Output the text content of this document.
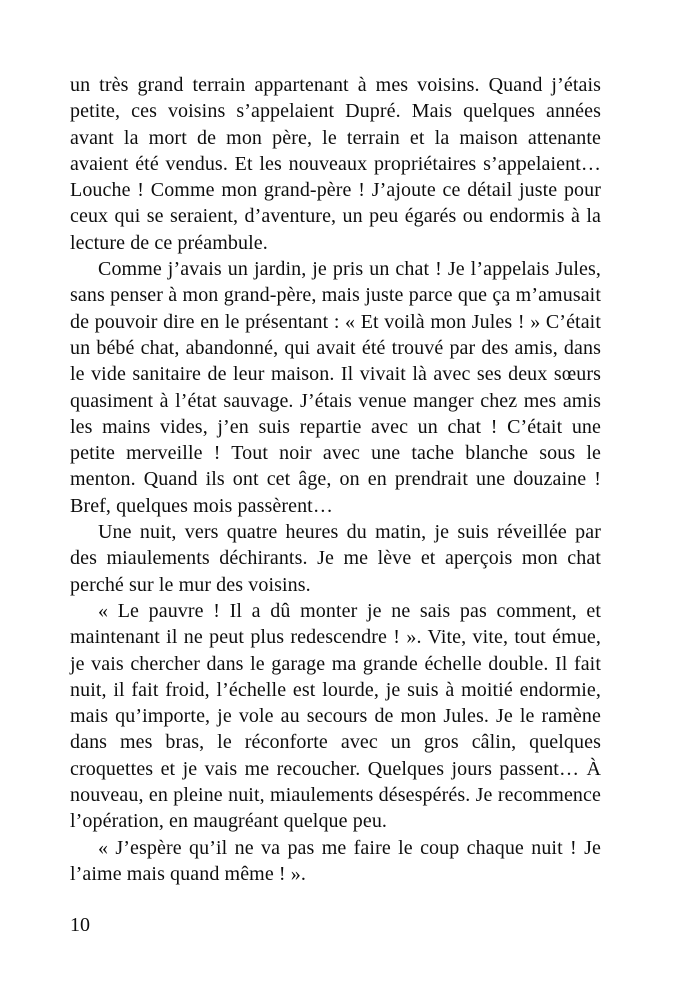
un très grand terrain appartenant à mes voisins. Quand j’étais petite, ces voisins s’appelaient Dupré. Mais quelques années avant la mort de mon père, le terrain et la maison attenante avaient été vendus. Et les nouveaux propriétaires s’appelaient… Louche ! Comme mon grand-père ! J’ajoute ce détail juste pour ceux qui se seraient, d’aventure, un peu égarés ou endormis à la lecture de ce préambule.

Comme j’avais un jardin, je pris un chat ! Je l’appelais Jules, sans penser à mon grand-père, mais juste parce que ça m’amusait de pouvoir dire en le présentant : « Et voilà mon Jules ! » C’était un bébé chat, abandonné, qui avait été trouvé par des amis, dans le vide sanitaire de leur maison. Il vivait là avec ses deux sœurs quasiment à l’état sauvage. J’étais venue manger chez mes amis les mains vides, j’en suis repartie avec un chat ! C’était une petite merveille ! Tout noir avec une tache blanche sous le menton. Quand ils ont cet âge, on en prendrait une douzaine ! Bref, quelques mois passèrent…

Une nuit, vers quatre heures du matin, je suis réveillée par des miaulements déchirants. Je me lève et aperçois mon chat perché sur le mur des voisins.

« Le pauvre ! Il a dû monter je ne sais pas comment, et maintenant il ne peut plus redescendre ! ». Vite, vite, tout émue, je vais chercher dans le garage ma grande échelle double. Il fait nuit, il fait froid, l’échelle est lourde, je suis à moitié endormie, mais qu’importe, je vole au secours de mon Jules. Je le ramène dans mes bras, le réconforte avec un gros câlin, quelques croquettes et je vais me recoucher. Quelques jours passent… À nouveau, en pleine nuit, miaulements désespérés. Je recommence l’opération, en maugréant quelque peu.

« J’espère qu’il ne va pas me faire le coup chaque nuit ! Je l’aime mais quand même ! ».

10
